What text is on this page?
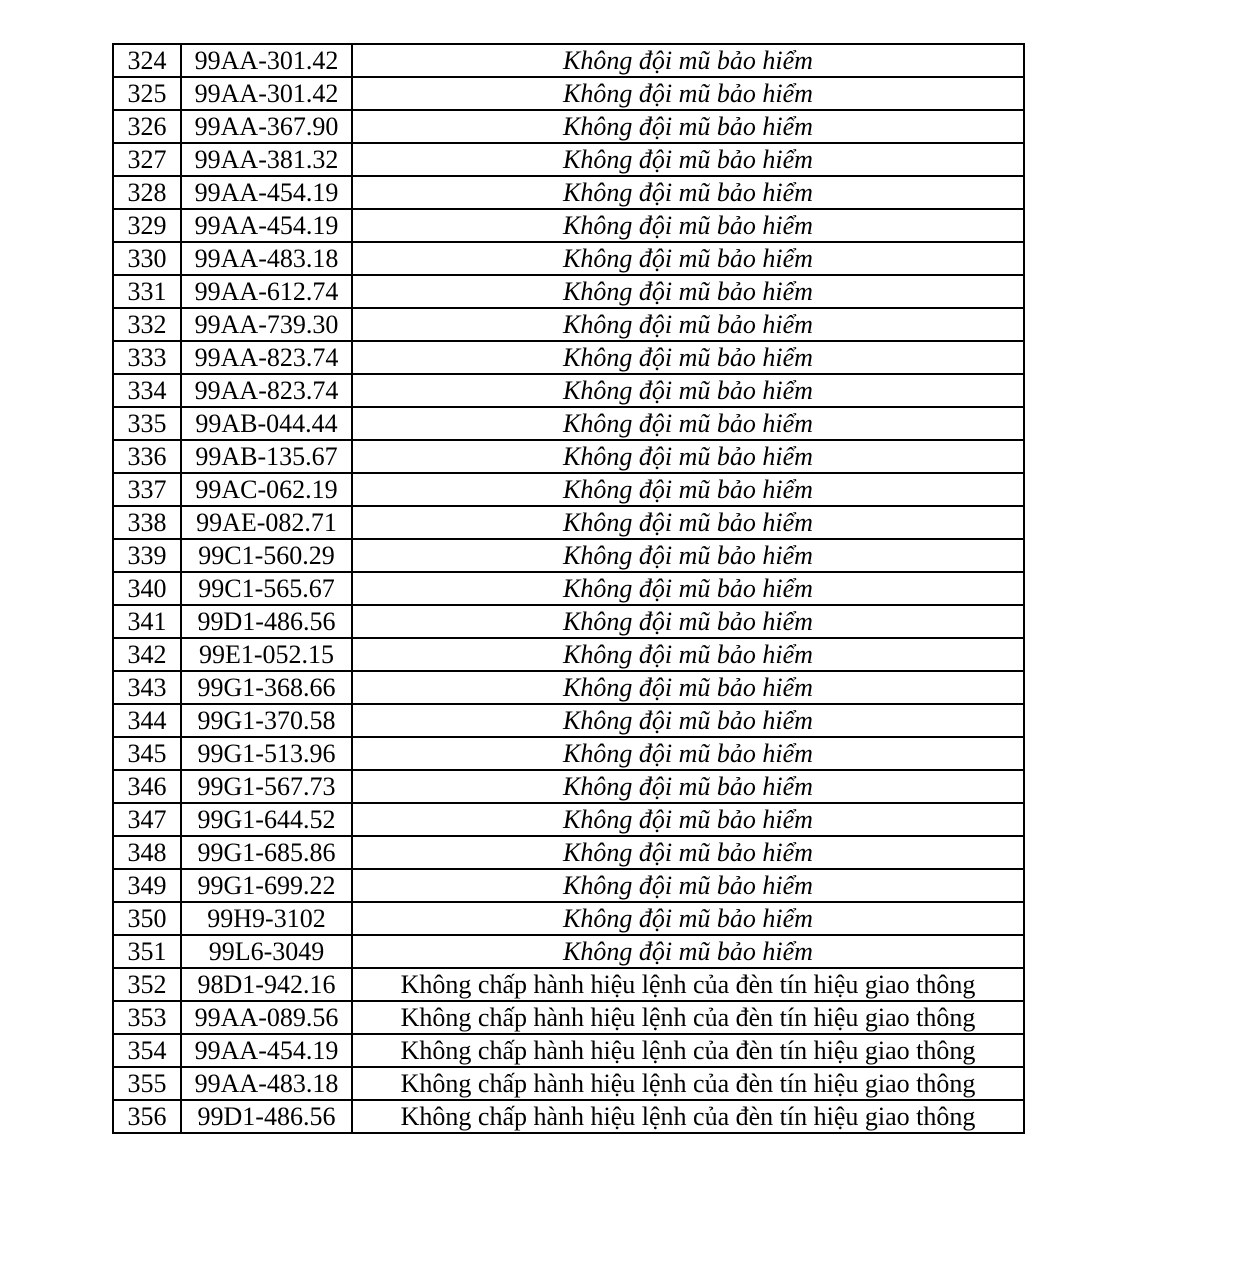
324	99AA-301.42	Không đội mũ bảo hiểm
325	99AA-301.42	Không đội mũ bảo hiểm
326	99AA-367.90	Không đội mũ bảo hiểm
327	99AA-381.32	Không đội mũ bảo hiểm
328	99AA-454.19	Không đội mũ bảo hiểm
329	99AA-454.19	Không đội mũ bảo hiểm
330	99AA-483.18	Không đội mũ bảo hiểm
331	99AA-612.74	Không đội mũ bảo hiểm
332	99AA-739.30	Không đội mũ bảo hiểm
333	99AA-823.74	Không đội mũ bảo hiểm
334	99AA-823.74	Không đội mũ bảo hiểm
335	99AB-044.44	Không đội mũ bảo hiểm
336	99AB-135.67	Không đội mũ bảo hiểm
337	99AC-062.19	Không đội mũ bảo hiểm
338	99AE-082.71	Không đội mũ bảo hiểm
339	99C1-560.29	Không đội mũ bảo hiểm
340	99C1-565.67	Không đội mũ bảo hiểm
341	99D1-486.56	Không đội mũ bảo hiểm
342	99E1-052.15	Không đội mũ bảo hiểm
343	99G1-368.66	Không đội mũ bảo hiểm
344	99G1-370.58	Không đội mũ bảo hiểm
345	99G1-513.96	Không đội mũ bảo hiểm
346	99G1-567.73	Không đội mũ bảo hiểm
347	99G1-644.52	Không đội mũ bảo hiểm
348	99G1-685.86	Không đội mũ bảo hiểm
349	99G1-699.22	Không đội mũ bảo hiểm
350	99H9-3102	Không đội mũ bảo hiểm
351	99L6-3049	Không đội mũ bảo hiểm
352	98D1-942.16	Không chấp hành hiệu lệnh của đèn tín hiệu giao thông
353	99AA-089.56	Không chấp hành hiệu lệnh của đèn tín hiệu giao thông
354	99AA-454.19	Không chấp hành hiệu lệnh của đèn tín hiệu giao thông
355	99AA-483.18	Không chấp hành hiệu lệnh của đèn tín hiệu giao thông
356	99D1-486.56	Không chấp hành hiệu lệnh của đèn tín hiệu giao thông
